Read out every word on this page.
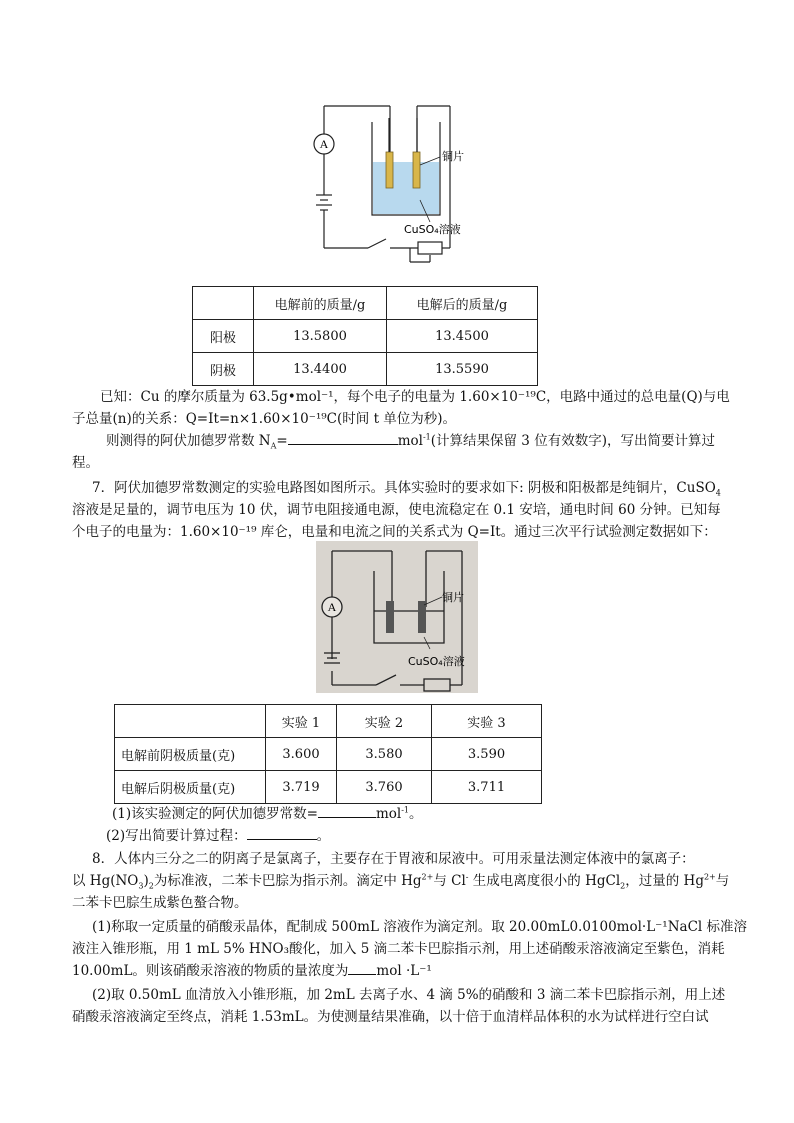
A
铜片
CuSO₄溶液
	电解前的质量/g	电解后的质量/g
阳极	13.5800	13.4500
阴极	13.4400	13.5590
已知：Cu 的摩尔质量为 63.5g•mol⁻¹，每个电子的电量为 1.60×10⁻¹⁹C，电路中通过的总电量(Q)与电
子总量(n)的关系：Q=It=n×1.60×10⁻¹⁹C(时间 t 单位为秒)。
则测得的阿伏加德罗常数 $N_A=$	mol$^{-1}$(计算结果保留 3 位有效数字)，写出简要计算过
程。
7．阿伏加德罗常数测定的实验电路图如图所示。具体实验时的要求如下: 阴极和阳极都是纯铜片，CuSO$_4$
溶液是足量的，调节电压为 10 伏，调节电阻接通电源，使电流稳定在 0.1 安培，通电时间 60 分钟。已知每
个电子的电量为：1.60×10⁻¹⁹ 库仑，电量和电流之间的关系式为 Q=It。通过三次平行试验测定数据如下：
A
铜片
CuSO₄溶液
	实验 1	实验 2	实验 3
电解前阴极质量(克)	3.600	3.580	3.590
电解后阴极质量(克)	3.719	3.760	3.711
(1)该实验测定的阿伏加德罗常数=	mol$^{-1}$。
(2)写出简要计算过程：	。
8．人体内三分之二的阴离子是氯离子，主要存在于胃液和尿液中。可用汞量法测定体液中的氯离子：
以 $Hg(NO_3)_2$为标准液，二苯卡巴腙为指示剂。滴定中 $Hg^{2+}$与 Cl- 生成电离度很小的 HgCl$_2$，过量的 $Hg^{2+}$与
二苯卡巴腙生成紫色螯合物。
(1)称取一定质量的硝酸汞晶体，配制成 500mL 溶液作为滴定剂。取 20.00mL0.0100mol·L⁻¹NaCl 标准溶
液注入锥形瓶，用 1 mL 5% HNO₃酸化，加入 5 滴二苯卡巴腙指示剂，用上述硝酸汞溶液滴定至紫色，消耗
10.00mL。则该硝酸汞溶液的物质的量浓度为 mol ·L⁻¹
(2)取 0.50mL 血清放入小锥形瓶，加 2mL 去离子水、4 滴 5%的硝酸和 3 滴二苯卡巴腙指示剂，用上述
硝酸汞溶液滴定至终点，消耗 1.53mL。为使测量结果准确，以十倍于血清样品体积的水为试样进行空白试
